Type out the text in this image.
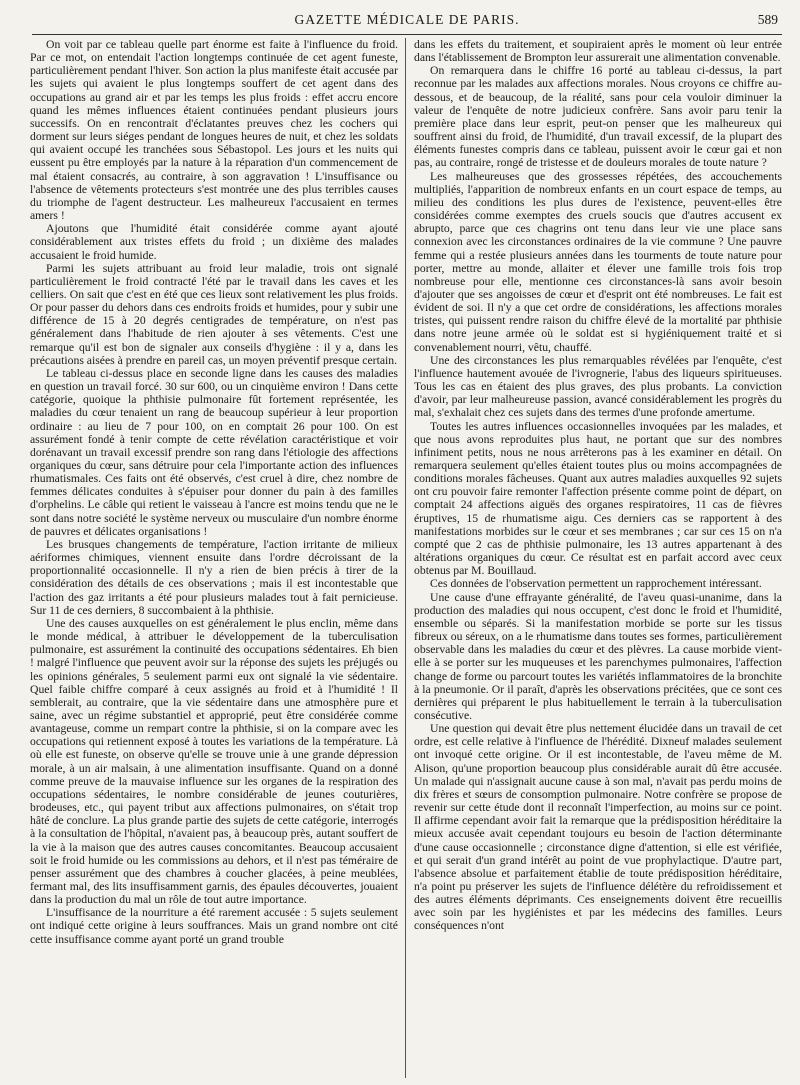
GAZETTE MÉDICALE DE PARIS.	589

On voit par ce tableau quelle part énorme est faite à l'influence du froid. Par ce mot, on entendait l'action longtemps continuée de cet agent funeste, particulièrement pendant l'hiver. Son action la plus manifeste était accusée par les sujets qui avaient le plus longtemps souffert de cet agent dans des occupations au grand air et par les temps les plus froids : effet accru encore quand les mêmes influences étaient continuées pendant plusieurs jours successifs. On en rencontrait d'éclatantes preuves chez les cochers qui dorment sur leurs siéges pendant de longues heures de nuit, et chez les soldats qui avaient occupé les tranchées sous Sébastopol. Les jours et les nuits qui eussent pu être employés par la nature à la réparation d'un commencement de mal étaient consacrés, au contraire, à son aggravation ! L'insuffisance ou l'absence de vêtements protecteurs s'est montrée une des plus terribles causes du triomphe de l'agent destructeur. Les malheureux l'accusaient en termes amers !

Ajoutons que l'humidité était considérée comme ayant ajouté considérablement aux tristes effets du froid ; un dixième des malades accusaient le froid humide.

Parmi les sujets attribuant au froid leur maladie, trois ont signalé particulièrement le froid contracté l'été par le travail dans les caves et les celliers. On sait que c'est en été que ces lieux sont relativement les plus froids. Or pour passer du dehors dans ces endroits froids et humides, pour y subir une différence de 15 à 20 degrés centigrades de température, on n'est pas généralement dans l'habitude de rien ajouter à ses vêtements. C'est une remarque qu'il est bon de signaler aux conseils d'hygiène : il y a, dans les précautions aisées à prendre en pareil cas, un moyen préventif presque certain.

Le tableau ci-dessus place en seconde ligne dans les causes des maladies en question un travail forcé. 30 sur 600, ou un cinquième environ ! Dans cette catégorie, quoique la phthisie pulmonaire fût fortement représentée, les maladies du cœur tenaient un rang de beaucoup supérieur à leur proportion ordinaire : au lieu de 7 pour 100, on en comptait 26 pour 100. On est assurément fondé à tenir compte de cette révélation caractéristique et voir dorénavant un travail excessif prendre son rang dans l'étiologie des affections organiques du cœur, sans détruire pour cela l'importante action des influences rhumatismales. Ces faits ont été observés, c'est cruel à dire, chez nombre de femmes délicates conduites à s'épuiser pour donner du pain à des familles d'orphelins. Le câble qui retient le vaisseau à l'ancre est moins tendu que ne le sont dans notre société le système nerveux ou musculaire d'un nombre énorme de pauvres et délicates organisations !

Les brusques changements de température, l'action irritante de milieux aériformes chimiques, viennent ensuite dans l'ordre décroissant de la proportionnalité occasionnelle. Il n'y a rien de bien précis à tirer de la considération des détails de ces observations ; mais il est incontestable que l'action des gaz irritants a été pour plusieurs malades tout à fait pernicieuse. Sur 11 de ces derniers, 8 succombaient à la phthisie.

Une des causes auxquelles on est généralement le plus enclin, même dans le monde médical, à attribuer le développement de la tuberculisation pulmonaire, est assurément la continuité des occupations sédentaires. Eh bien ! malgré l'influence que peuvent avoir sur la réponse des sujets les préjugés ou les opinions générales, 5 seulement parmi eux ont signalé la vie sédentaire. Quel faible chiffre comparé à ceux assignés au froid et à l'humidité ! Il semblerait, au contraire, que la vie sédentaire dans une atmosphère pure et saine, avec un régime substantiel et approprié, peut être considérée comme avantageuse, comme un rempart contre la phthisie, si on la compare avec les occupations qui retiennent exposé à toutes les variations de la température. Là où elle est funeste, on observe qu'elle se trouve unie à une grande dépression morale, à un air malsain, à une alimentation insuffisante. Quand on a donné comme preuve de la mauvaise influence sur les organes de la respiration des occupations sédentaires, le nombre considérable de jeunes couturières, brodeuses, etc., qui payent tribut aux affections pulmonaires, on s'était trop hâté de conclure. La plus grande partie des sujets de cette catégorie, interrogés à la consultation de l'hôpital, n'avaient pas, à beaucoup près, autant souffert de la vie à la maison que des autres causes concomitantes. Beaucoup accusaient soit le froid humide ou les commissions au dehors, et il n'est pas téméraire de penser assurément que des chambres à coucher glacées, à peine meublées, fermant mal, des lits insuffisamment garnis, des épaules découvertes, jouaient dans la production du mal un rôle de tout autre importance.

L'insuffisance de la nourriture a été rarement accusée : 5 sujets seulement ont indiqué cette origine à leurs souffrances. Mais un grand nombre ont cité cette insuffisance comme ayant porté un grand trouble

dans les effets du traitement, et soupiraient après le moment où leur entrée dans l'établissement de Brompton leur assurerait une alimentation convenable.

On remarquera dans le chiffre 16 porté au tableau ci-dessus, la part reconnue par les malades aux affections morales. Nous croyons ce chiffre au-dessous, et de beaucoup, de la réalité, sans pour cela vouloir diminuer la valeur de l'enquête de notre judicieux confrère. Sans avoir paru tenir la première place dans leur esprit, peut-on penser que les malheureux qui souffrent ainsi du froid, de l'humidité, d'un travail excessif, de la plupart des éléments funestes compris dans ce tableau, puissent avoir le cœur gai et non pas, au contraire, rongé de tristesse et de douleurs morales de toute nature ?

Les malheureuses que des grossesses répétées, des accouchements multipliés, l'apparition de nombreux enfants en un court espace de temps, au milieu des conditions les plus dures de l'existence, peuvent-elles être considérées comme exemptes des cruels soucis que d'autres accusent ex abrupto, parce que ces chagrins ont tenu dans leur vie une place sans connexion avec les circonstances ordinaires de la vie commune ? Une pauvre femme qui a restée plusieurs années dans les tourments de toute nature pour porter, mettre au monde, allaiter et élever une famille trois fois trop nombreuse pour elle, mentionne ces circonstances-là sans avoir besoin d'ajouter que ses angoisses de cœur et d'esprit ont été nombreuses. Le fait est évident de soi. Il n'y a que cet ordre de considérations, les affections morales tristes, qui puissent rendre raison du chiffre élevé de la mortalité par phthisie dans notre jeune armée où le soldat est si hygiéniquement traité et si convenablement nourri, vêtu, chauffé.

Une des circonstances les plus remarquables révélées par l'enquête, c'est l'influence hautement avouée de l'ivrognerie, l'abus des liqueurs spiritueuses. Tous les cas en étaient des plus graves, des plus probants. La conviction d'avoir, par leur malheureuse passion, avancé considérablement les progrès du mal, s'exhalait chez ces sujets dans des termes d'une profonde amertume.

Toutes les autres influences occasionnelles invoquées par les malades, et que nous avons reproduites plus haut, ne portant que sur des nombres infiniment petits, nous ne nous arrêterons pas à les examiner en détail. On remarquera seulement qu'elles étaient toutes plus ou moins accompagnées de conditions morales fâcheuses. Quant aux autres maladies auxquelles 92 sujets ont cru pouvoir faire remonter l'affection présente comme point de départ, on comptait 24 affections aiguës des organes respiratoires, 11 cas de fièvres éruptives, 15 de rhumatisme aigu. Ces derniers cas se rapportent à des manifestations morbides sur le cœur et ses membranes ; car sur ces 15 on n'a compté que 2 cas de phthisie pulmonaire, les 13 autres appartenant à des altérations organiques du cœur. Ce résultat est en parfait accord avec ceux obtenus par M. Bouillaud.

Ces données de l'observation permettent un rapprochement intéressant.

Une cause d'une effrayante généralité, de l'aveu quasi-unanime, dans la production des maladies qui nous occupent, c'est donc le froid et l'humidité, ensemble ou séparés. Si la manifestation morbide se porte sur les tissus fibreux ou séreux, on a le rhumatisme dans toutes ses formes, particulièrement observable dans les maladies du cœur et des plèvres. La cause morbide vient-elle à se porter sur les muqueuses et les parenchymes pulmonaires, l'affection change de forme ou parcourt toutes les variétés inflammatoires de la bronchite à la pneumonie. Or il paraît, d'après les observations précitées, que ce sont ces dernières qui préparent le plus habituellement le terrain à la tuberculisation consécutive.

Une question qui devait être plus nettement élucidée dans un travail de cet ordre, est celle relative à l'influence de l'hérédité. Dixneuf malades seulement ont invoqué cette origine. Or il est incontestable, de l'aveu même de M. Alison, qu'une proportion beaucoup plus considérable aurait dû être accusée. Un malade qui n'assignait aucune cause à son mal, n'avait pas perdu moins de dix frères et sœurs de consomption pulmonaire. Notre confrère se propose de revenir sur cette étude dont il reconnaît l'imperfection, au moins sur ce point. Il affirme cependant avoir fait la remarque que la prédisposition héréditaire la mieux accusée avait cependant toujours eu besoin de l'action déterminante d'une cause occasionnelle ; circonstance digne d'attention, si elle est vérifiée, et qui serait d'un grand intérêt au point de vue prophylactique. D'autre part, l'absence absolue et parfaitement établie de toute prédisposition héréditaire, n'a point pu préserver les sujets de l'influence délétère du refroidissement et des autres éléments déprimants. Ces enseignements doivent être recueillis avec soin par les hygiénistes et par les médecins des familles. Leurs conséquences n'ont
